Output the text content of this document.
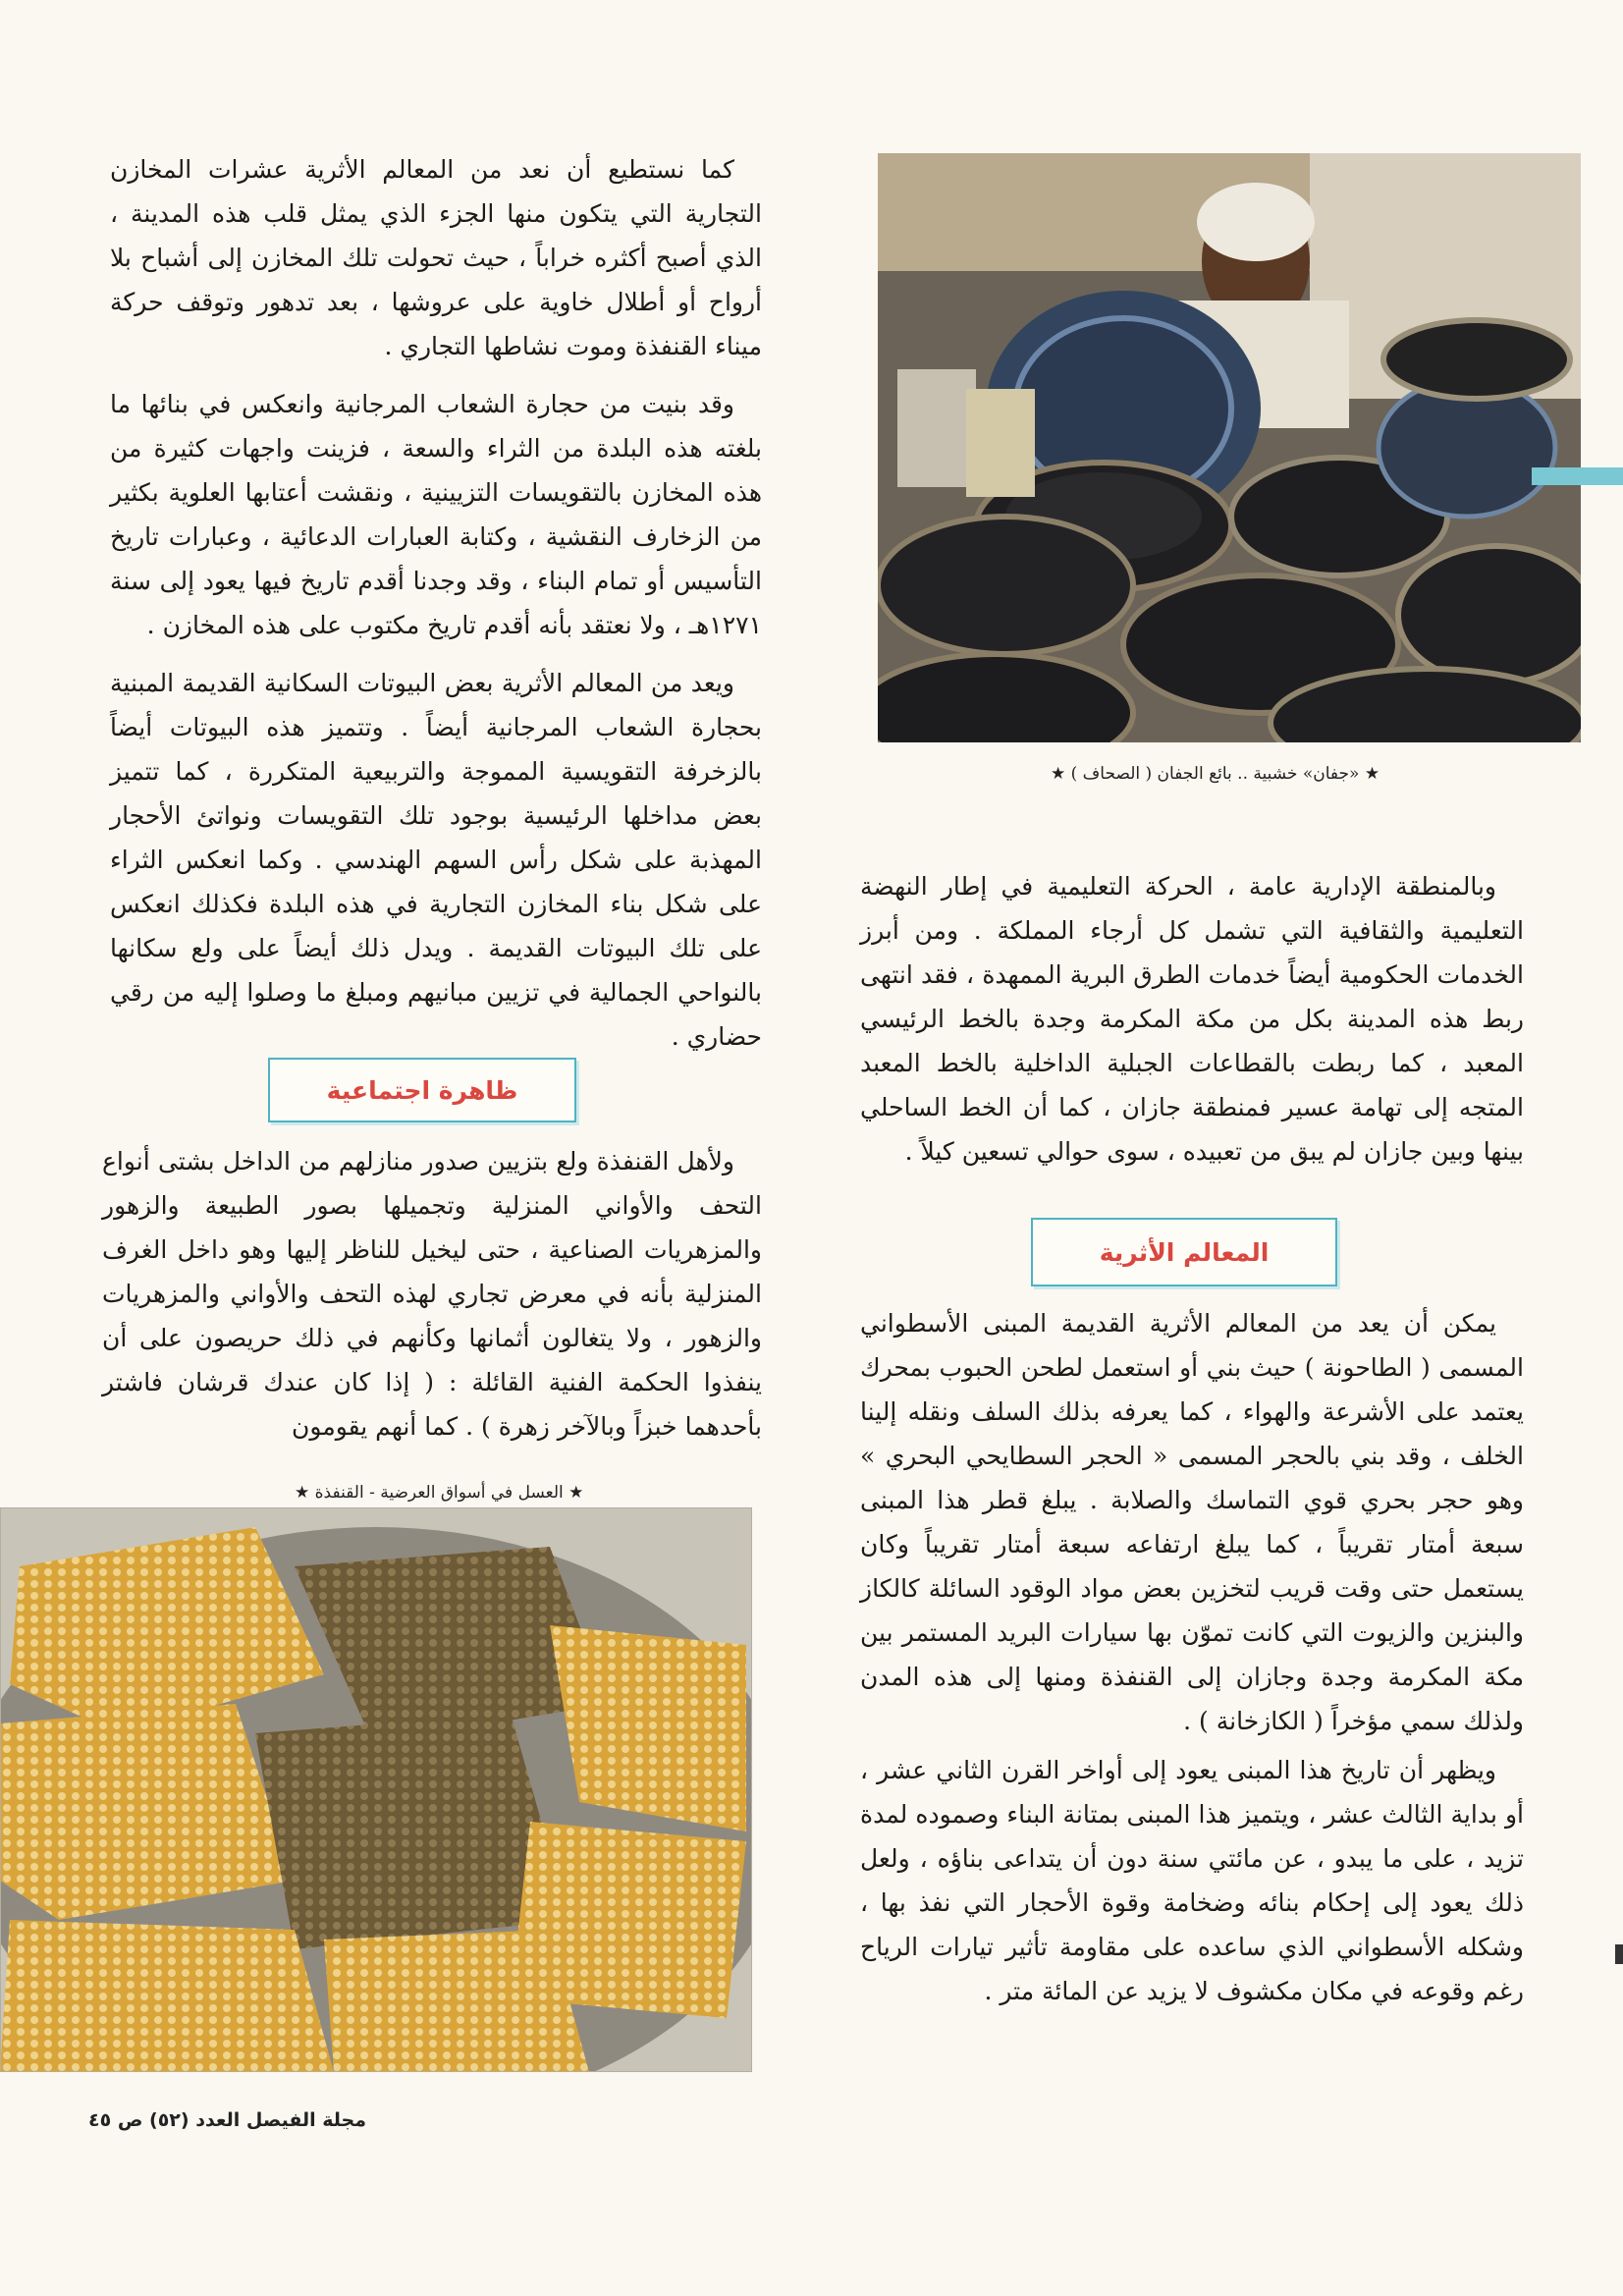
★ «جفان» خشبية .. بائع الجفان ( الصحاف ) ★

كما نستطيع أن نعد من المعالم الأثرية عشرات المخازن التجارية التي يتكون منها الجزء الذي يمثل قلب هذه المدينة ، الذي أصبح أكثره خراباً ، حيث تحولت تلك المخازن إلى أشباح بلا أرواح أو أطلال خاوية على عروشها ، بعد تدهور وتوقف حركة ميناء القنفذة وموت نشاطها التجاري .

وقد بنيت من حجارة الشعاب المرجانية وانعكس في بنائها ما بلغته هذه البلدة من الثراء والسعة ، فزينت واجهات كثيرة من هذه المخازن بالتقويسات التزيينية ، ونقشت أعتابها العلوية بكثير من الزخارف النقشية ، وكتابة العبارات الدعائية ، وعبارات تاريخ التأسيس أو تمام البناء ، وقد وجدنا أقدم تاريخ فيها يعود إلى سنة ١٢٧١هـ ، ولا نعتقد بأنه أقدم تاريخ مكتوب على هذه المخازن .

ويعد من المعالم الأثرية بعض البيوتات السكانية القديمة المبنية بحجارة الشعاب المرجانية أيضاً . وتتميز هذه البيوتات أيضاً بالزخرفة التقويسية المموجة والتربيعية المتكررة ، كما تتميز بعض مداخلها الرئيسية بوجود تلك التقويسات ونواتئ الأحجار المهذبة على شكل رأس السهم الهندسي . وكما انعكس الثراء على شكل بناء المخازن التجارية في هذه البلدة فكذلك انعكس على تلك البيوتات القديمة . ويدل ذلك أيضاً على ولع سكانها بالنواحي الجمالية في تزيين مبانيهم ومبلغ ما وصلوا إليه من رقي حضاري .

ظاهرة اجتماعية

ولأهل القنفذة ولع بتزيين صدور منازلهم من الداخل بشتى أنواع التحف والأواني المنزلية وتجميلها بصور الطبيعة والزهور والمزهريات الصناعية ، حتى ليخيل للناظر إليها وهو داخل الغرف المنزلية بأنه في معرض تجاري لهذه التحف والأواني والمزهريات والزهور ، ولا يتغالون أثمانها وكأنهم في ذلك حريصون على أن ينفذوا الحكمة الفنية القائلة : ( إذا كان عندك قرشان فاشتر بأحدهما خبزاً وبالآخر زهرة ) . كما أنهم يقومون

★ العسل في أسواق العرضية - القنفذة ★

وبالمنطقة الإدارية عامة ، الحركة التعليمية في إطار النهضة التعليمية والثقافية التي تشمل كل أرجاء المملكة . ومن أبرز الخدمات الحكومية أيضاً خدمات الطرق البرية الممهدة ، فقد انتهى ربط هذه المدينة بكل من مكة المكرمة وجدة بالخط الرئيسي المعبد ، كما ربطت بالقطاعات الجبلية الداخلية بالخط المعبد المتجه إلى تهامة عسير فمنطقة جازان ، كما أن الخط الساحلي بينها وبين جازان لم يبق من تعبيده ، سوى حوالي تسعين كيلاً .

المعالم الأثرية

يمكن أن يعد من المعالم الأثرية القديمة المبنى الأسطواني المسمى ( الطاحونة ) حيث بني أو استعمل لطحن الحبوب بمحرك يعتمد على الأشرعة والهواء ، كما يعرفه بذلك السلف ونقله إلينا الخلف ، وقد بني بالحجر المسمى « الحجر السطايحي البحري » وهو حجر بحري قوي التماسك والصلابة . يبلغ قطر هذا المبنى سبعة أمتار تقريباً ، كما يبلغ ارتفاعه سبعة أمتار تقريباً وكان يستعمل حتى وقت قريب لتخزين بعض مواد الوقود السائلة كالكاز والبنزين والزيوت التي كانت تموّن بها سيارات البريد المستمر بين مكة المكرمة وجدة وجازان إلى القنفذة ومنها إلى هذه المدن ولذلك سمي مؤخراً ( الكازخانة ) .

ويظهر أن تاريخ هذا المبنى يعود إلى أواخر القرن الثاني عشر ، أو بداية الثالث عشر ، ويتميز هذا المبنى بمتانة البناء وصموده لمدة تزيد ، على ما يبدو ، عن مائتي سنة دون أن يتداعى بناؤه ، ولعل ذلك يعود إلى إحكام بنائه وضخامة وقوة الأحجار التي نفذ بها ، وشكله الأسطواني الذي ساعده على مقاومة تأثير تيارات الرياح رغم وقوعه في مكان مكشوف لا يزيد عن المائة متر .

مجلة الفيصل العدد (٥٢) ص ٤٥
